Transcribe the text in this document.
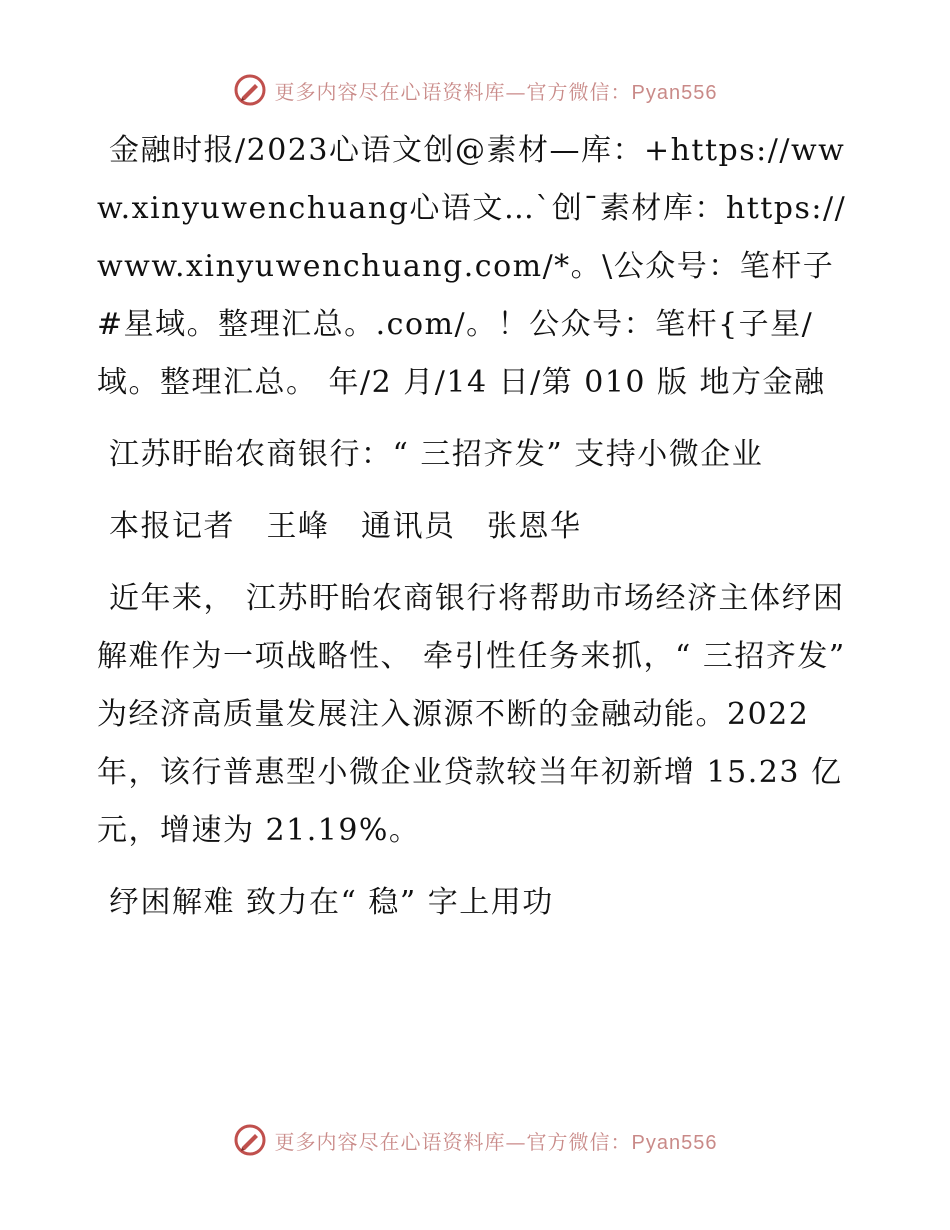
更多内容尽在心语资料库—官方微信：Pyan556

金融时报/2023心语文创@素材—库：+https://www.xinyuwenchuang心语文…`创¯素材库：https://www.xinyuwenchuang.com/*。\公众号：笔杆子#星域。整理汇总。.com/。！公众号：笔杆{子星/域。整理汇总。 年/2 月/14 日/第 010 版 地方金融

江苏盱眙农商银行：“ 三招齐发” 支持小微企业

本报记者　王峰　通讯员　张恩华

近年来， 江苏盱眙农商银行将帮助市场经济主体纾困解难作为一项战略性、 牵引性任务来抓，“ 三招齐发” 为经济高质量发展注入源源不断的金融动能。2022 年，该行普惠型小微企业贷款较当年初新增 15.23 亿元，增速为 21.19%。

纾困解难 致力在“ 稳” 字上用功

更多内容尽在心语资料库—官方微信：Pyan556
